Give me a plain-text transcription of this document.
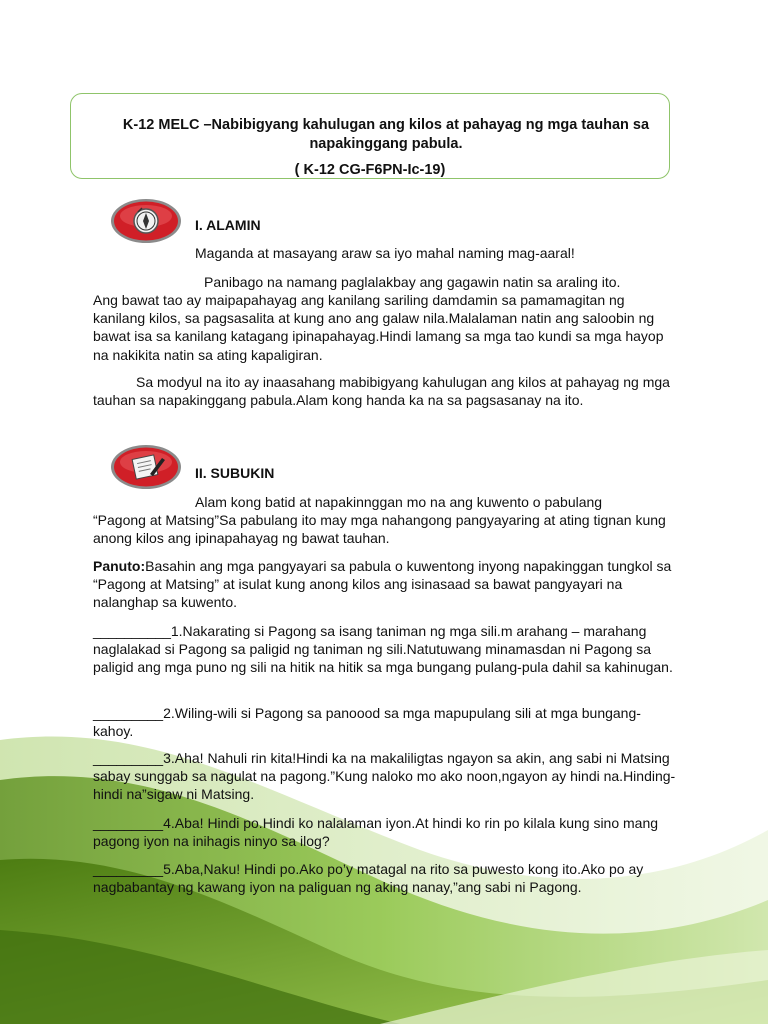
K-12 MELC –Nabibigyang kahulugan ang kilos at pahayag ng mga tauhan sa napakinggang pabula.
( K-12 CG-F6PN-Ic-19)
I. ALAMIN
Maganda at masayang araw sa iyo mahal naming mag-aaral!
Panibago na namang paglalakbay ang gagawin natin sa araling ito.
Ang bawat tao ay maipapahayag ang kanilang sariling damdamin sa pamamagitan ng kanilang kilos, sa pagsasalita at kung ano ang galaw nila.Malalaman natin ang saloobin ng bawat isa sa kanilang katagang ipinapahayag.Hindi lamang sa mga tao kundi sa mga hayop na nakikita natin sa ating kapaligiran.
Sa modyul na ito ay inaasahang mabibigyang kahulugan ang kilos at pahayag ng mga tauhan sa napakinggang pabula.Alam kong handa ka na sa pagsasanay na ito.
II. SUBUKIN
Alam kong batid at napakinnggan mo na ang kuwento o pabulang
“Pagong at Matsing”Sa pabulang ito may mga nahangong pangyayaring at ating tignan kung anong kilos ang ipinapahayag ng bawat tauhan.
Panuto:Basahin ang mga pangyayari sa pabula o kuwentong inyong napakinggan tungkol sa “Pagong at Matsing” at isulat kung anong kilos ang isinasaad sa bawat pangyayari na nalanghap sa kuwento.
__________1.Nakarating si Pagong sa isang taniman ng mga sili.m arahang – marahang naglalakad si Pagong sa paligid ng taniman ng sili.Natutuwang minamasdan ni Pagong sa paligid ang mga puno ng sili na hitik na hitik sa mga bungang pulang-pula dahil sa kahinugan.
_________2.Wiling-wili si Pagong sa panoood sa mga mapupulang sili at mga bungang-kahoy.
_________3.Aha! Nahuli rin kita!Hindi ka na makaliligtas ngayon sa akin, ang sabi ni Matsing sabay sunggab sa nagulat na pagong.”Kung naloko mo ako noon,ngayon ay hindi na.Hinding-hindi na”sigaw ni Matsing.
_________4.Aba! Hindi po.Hindi ko nalalaman iyon.At hindi ko rin po kilala kung sino mang pagong iyon na inihagis ninyo sa ilog?
_________5.Aba,Naku! Hindi po.Ako po’y matagal na rito sa puwesto kong ito.Ako po ay nagbabantay ng kawang iyon na paliguan ng aking nanay,”ang sabi ni Pagong.
